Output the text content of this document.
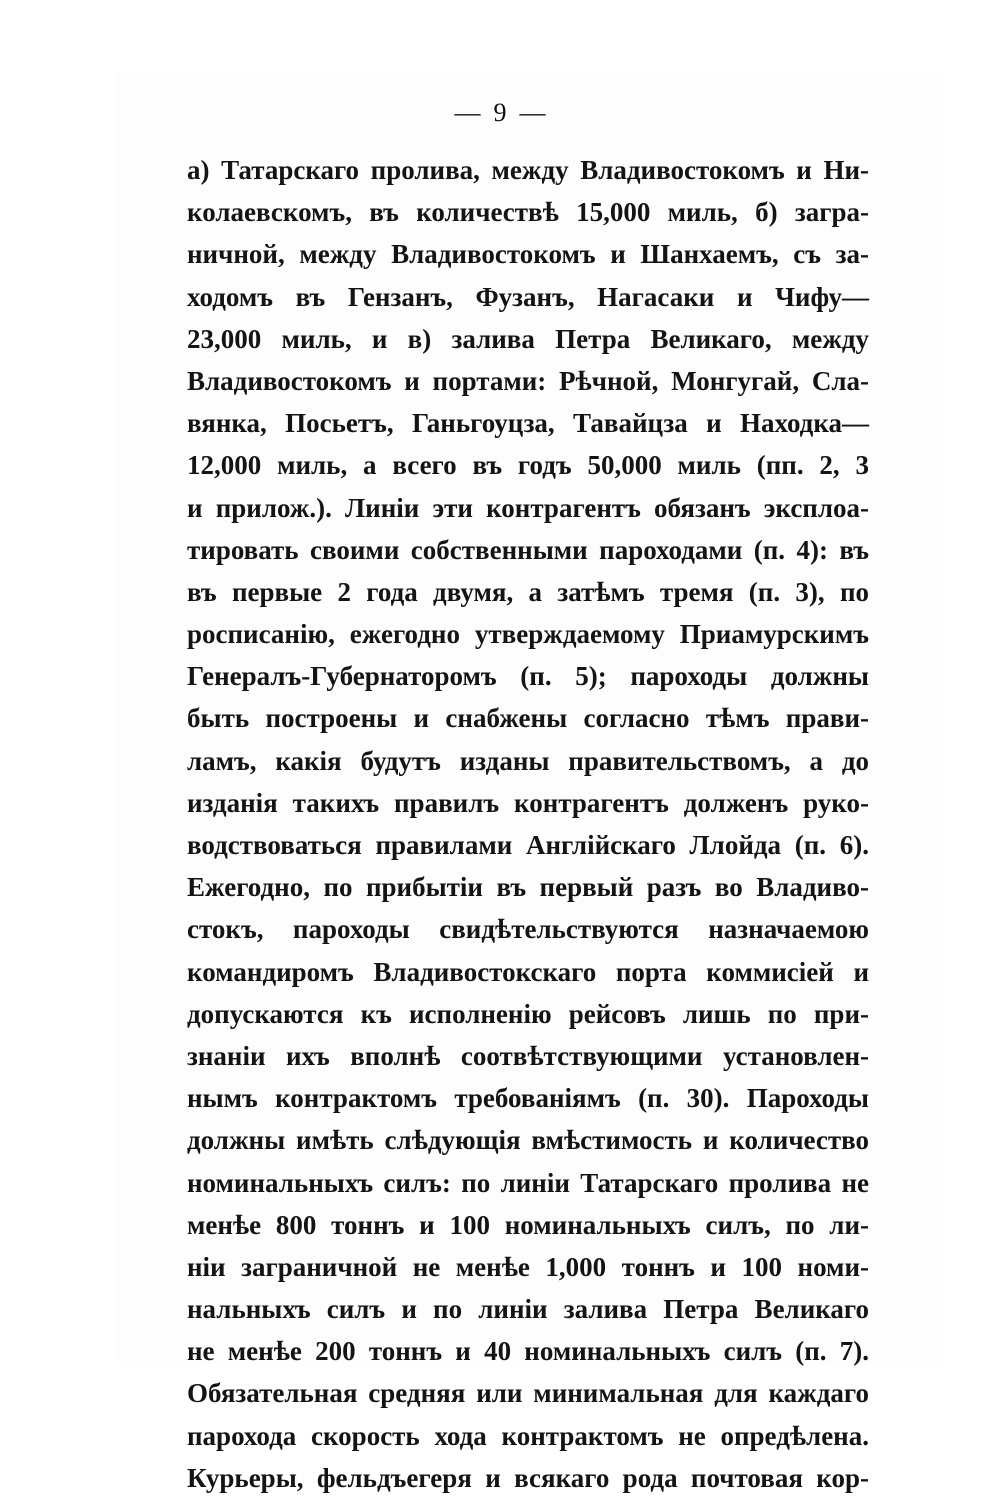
—  9  —
а) Татарскаго пролива, между Владивостокомъ и Ни-
колаевскомъ, въ количествѣ 15,000 миль, б) загра-
ничной, между Владивостокомъ и Шанхаемъ, съ за-
ходомъ въ Гензанъ, Фузанъ, Нагасаки и Чифу—
23,000 миль, и в) залива Петра Великаго, между
Владивостокомъ и портами: Рѣчной, Монгугай, Сла-
вянка, Посьетъ, Ганьгоуцза, Тавайцза и Находка—
12,000 миль, а всего въ годъ 50,000 миль (пп. 2, 3
и прилож.). Линіи эти контрагентъ обязанъ эксплоа-
тировать своими собственными пароходами (п. 4): въ
въ первые 2 года двумя, а затѣмъ тремя (п. 3), по
росписанію, ежегодно утверждаемому Приамурскимъ
Генералъ-Губернаторомъ (п. 5); пароходы должны
быть построены и снабжены согласно тѣмъ прави-
ламъ, какія будутъ изданы правительствомъ, а до
изданія такихъ правилъ контрагентъ долженъ руко-
водствоваться правилами Англійскаго Ллойда (п. 6).
Ежегодно, по прибытіи въ первый разъ во Владиво-
стокъ, пароходы свидѣтельствуются назначаемою
командиромъ Владивостокскаго порта коммисіей и
допускаются къ исполненію рейсовъ лишь по при-
знаніи ихъ вполнѣ соотвѣтствующими установлен-
нымъ контрактомъ требованіямъ (п. 30). Пароходы
должны имѣть слѣдующія вмѣстимость и количество
номинальныхъ силъ: по линіи Татарскаго пролива не
менѣе 800 тоннъ и 100 номинальныхъ силъ, по ли-
ніи заграничной не менѣе 1,000 тоннъ и 100 номи-
нальныхъ силъ и по линіи залива Петра Великаго
не менѣе 200 тоннъ и 40 номинальныхъ силъ (п. 7).
Обязательная средняя или минимальная для каждаго
парохода скорость хода контрактомъ не опредѣлена.
Курьеры, фельдъегеря и всякаго рода почтовая кор-
